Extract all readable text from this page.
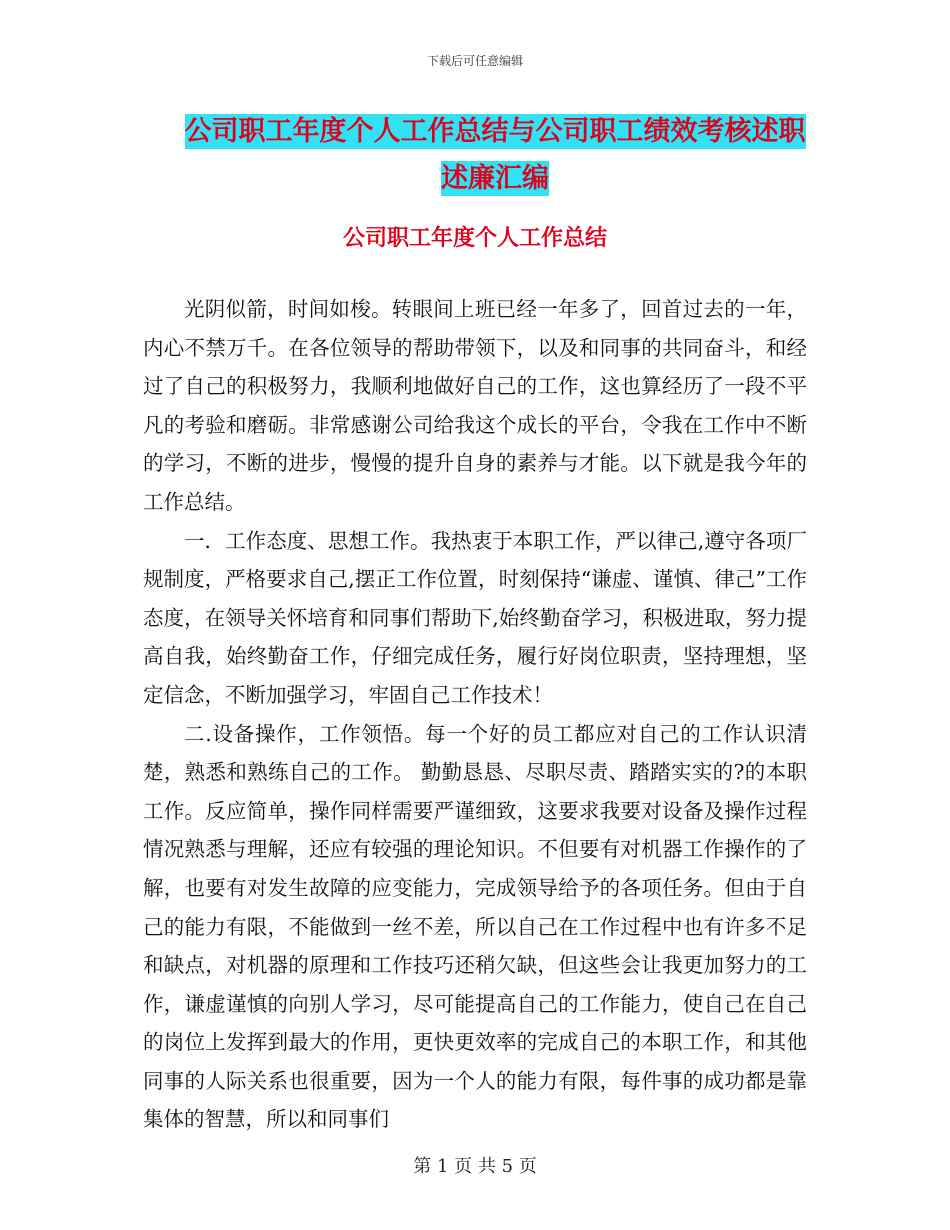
下载后可任意编辑
公司职工年度个人工作总结与公司职工绩效考核述职
述廉汇编
公司职工年度个人工作总结

光阴似箭，时间如梭。转眼间上班已经一年多了，回首过去的一年，内心不禁万千。在各位领导的帮助带领下，以及和同事的共同奋斗，和经过了自己的积极努力，我顺利地做好自己的工作，这也算经历了一段不平凡的考验和磨砺。非常感谢公司给我这个成长的平台，令我在工作中不断的学习，不断的进步，慢慢的提升自身的素养与才能。以下就是我今年的工作总结。

一．工作态度、思想工作。我热衷于本职工作，严以律己,遵守各项厂规制度，严格要求自己,摆正工作位置，时刻保持“谦虚、谨慎、律己”工作态度，在领导关怀培育和同事们帮助下,始终勤奋学习，积极进取，努力提高自我，始终勤奋工作，仔细完成任务，履行好岗位职责，坚持理想，坚定信念，不断加强学习，牢固自己工作技术！

二.设备操作，工作领悟。每一个好的员工都应对自己的工作认识清楚，熟悉和熟练自己的工作。 勤勤恳恳、尽职尽责、踏踏实实的?的本职工作。反应简单，操作同样需要严谨细致，这要求我要对设备及操作过程情况熟悉与理解，还应有较强的理论知识。不但要有对机器工作操作的了解，也要有对发生故障的应变能力，完成领导给予的各项任务。但由于自己的能力有限，不能做到一丝不差，所以自己在工作过程中也有许多不足和缺点，对机器的原理和工作技巧还稍欠缺，但这些会让我更加努力的工作，谦虚谨慎的向别人学习，尽可能提高自己的工作能力，使自己在自己的岗位上发挥到最大的作用，更快更效率的完成自己的本职工作，和其他同事的人际关系也很重要，因为一个人的能力有限，每件事的成功都是靠集体的智慧，所以和同事们

第 1 页 共 5 页
